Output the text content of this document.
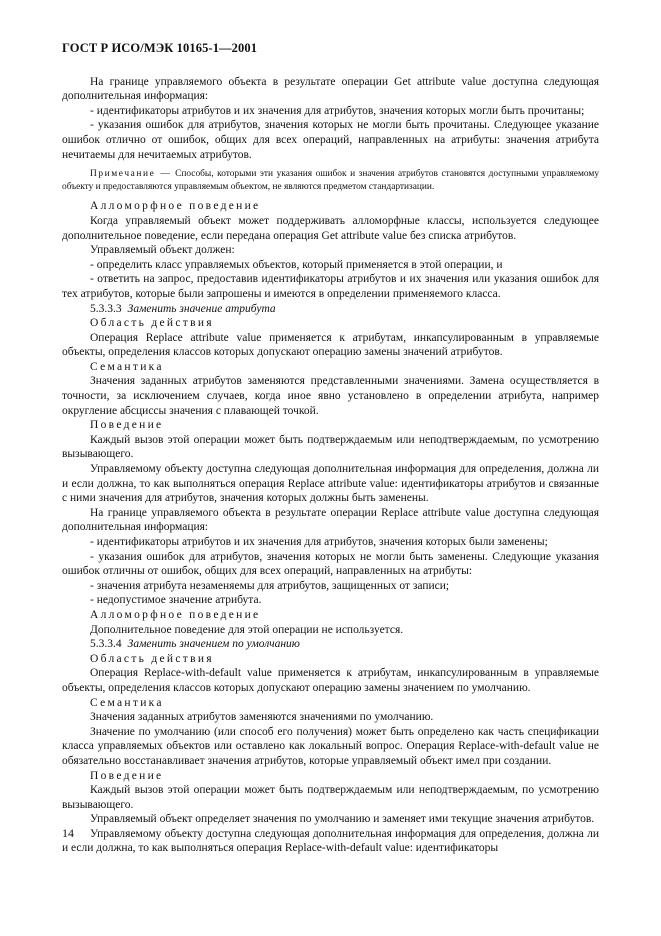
ГОСТ Р ИСО/МЭК 10165-1—2001

На границе управляемого объекта в результате операции Get attribute value доступна следующая дополнительная информация:

- идентификаторы атрибутов и их значения для атрибутов, значения которых могли быть прочитаны;

- указания ошибок для атрибутов, значения которых не могли быть прочитаны. Следующее указание ошибок отлично от ошибок, общих для всех операций, направленных на атрибуты: значения атрибута нечитаемы для нечитаемых атрибутов.

Примечание — Способы, которыми эти указания ошибок и значения атрибутов становятся доступными управляемому объекту и предоставляются управляемым объектом, не являются предметом стандартизации.

Алломорфное поведение

Когда управляемый объект может поддерживать алломорфные классы, используется следующее дополнительное поведение, если передана операция Get attribute value без списка атрибутов.

Управляемый объект должен:

- определить класс управляемых объектов, который применяется в этой операции, и

- ответить на запрос, предоставив идентификаторы атрибутов и их значения или указания ошибок для тех атрибутов, которые были запрошены и имеются в определении применяемого класса.

5.3.3.3 Заменить значение атрибута

Область действия

Операция Replace attribute value применяется к атрибутам, инкапсулированным в управляемые объекты, определения классов которых допускают операцию замены значений атрибутов.

Семантика

Значения заданных атрибутов заменяются представленными значениями. Замена осуществляется в точности, за исключением случаев, когда иное явно установлено в определении атрибута, например округление абсциссы значения с плавающей точкой.

Поведение

Каждый вызов этой операции может быть подтверждаемым или неподтверждаемым, по усмотрению вызывающего.

Управляемому объекту доступна следующая дополнительная информация для определения, должна ли и если должна, то как выполняться операция Replace attribute value: идентификаторы атрибутов и связанные с ними значения для атрибутов, значения которых должны быть заменены.

На границе управляемого объекта в результате операции Replace attribute value доступна следующая дополнительная информация:

- идентификаторы атрибутов и их значения для атрибутов, значения которых были заменены;

- указания ошибок для атрибутов, значения которых не могли быть заменены. Следующие указания ошибок отличны от ошибок, общих для всех операций, направленных на атрибуты:

- значения атрибута незаменяемы для атрибутов, защищенных от записи;

- недопустимое значение атрибута.

Алломорфное поведение

Дополнительное поведение для этой операции не используется.

5.3.3.4 Заменить значением по умолчанию

Область действия

Операция Replace-with-default value применяется к атрибутам, инкапсулированным в управляемые объекты, определения классов которых допускают операцию замены значением по умолчанию.

Семантика

Значения заданных атрибутов заменяются значениями по умолчанию.

Значение по умолчанию (или способ его получения) может быть определено как часть спецификации класса управляемых объектов или оставлено как локальный вопрос. Операция Replace-with-default value не обязательно восстанавливает значения атрибутов, которые управляемый объект имел при создании.

Поведение

Каждый вызов этой операции может быть подтверждаемым или неподтверждаемым, по усмотрению вызывающего.

Управляемый объект определяет значения по умолчанию и заменяет ими текущие значения атрибутов.

Управляемому объекту доступна следующая дополнительная информация для определения, должна ли и если должна, то как выполняться операция Replace-with-default value: идентификаторы

14
